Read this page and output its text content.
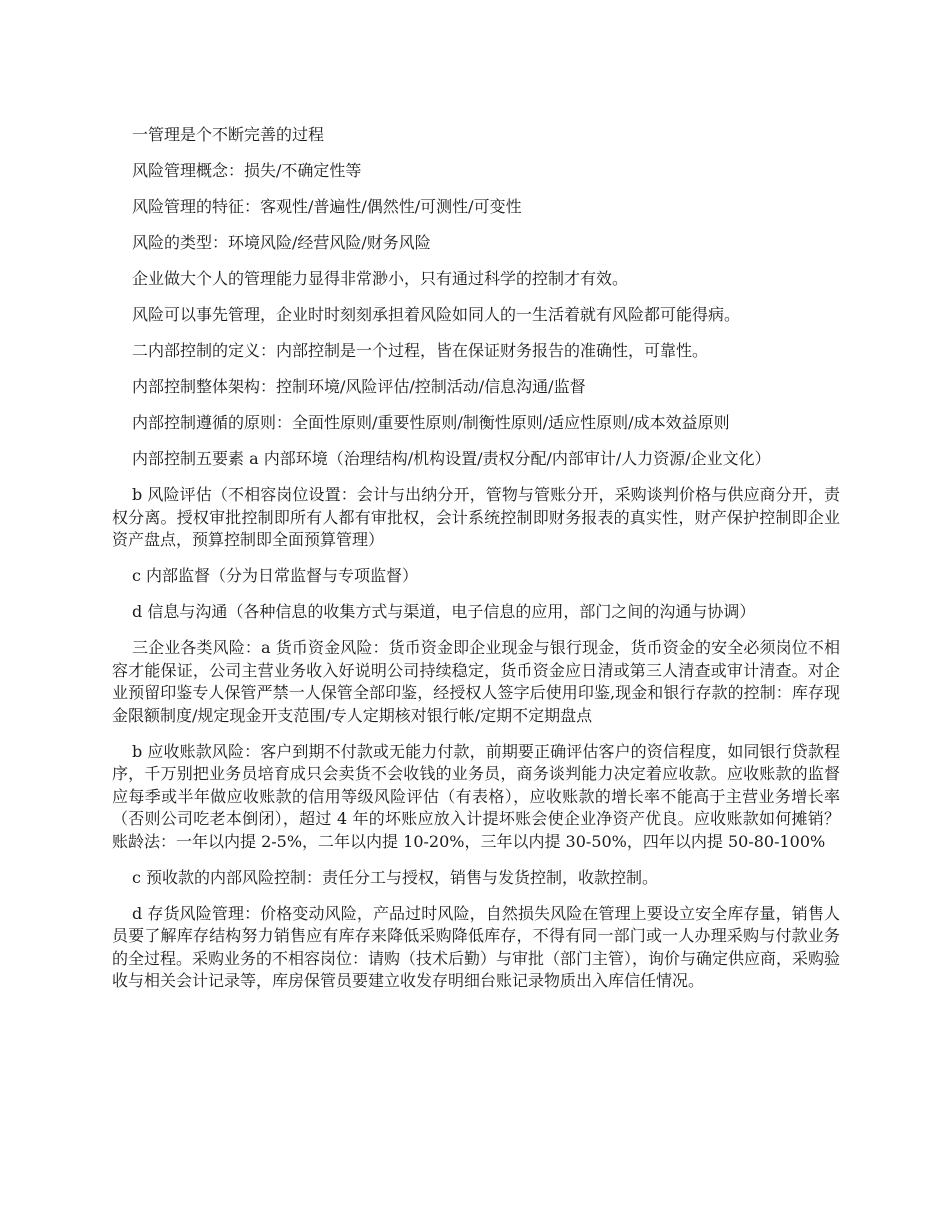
一管理是个不断完善的过程

风险管理概念：损失/不确定性等

风险管理的特征：客观性/普遍性/偶然性/可测性/可变性

风险的类型：环境风险/经营风险/财务风险

企业做大个人的管理能力显得非常渺小，只有通过科学的控制才有效。

风险可以事先管理，企业时时刻刻承担着风险如同人的一生活着就有风险都可能得病。

二内部控制的定义：内部控制是一个过程，皆在保证财务报告的准确性，可靠性。

内部控制整体架构：控制环境/风险评估/控制活动/信息沟通/监督

内部控制遵循的原则：全面性原则/重要性原则/制衡性原则/适应性原则/成本效益原则

内部控制五要素 a 内部环境（治理结构/机构设置/责权分配/内部审计/人力资源/企业文化）

b 风险评估（不相容岗位设置：会计与出纳分开，管物与管账分开，采购谈判价格与供应商分开，责权分离。授权审批控制即所有人都有审批权，会计系统控制即财务报表的真实性，财产保护控制即企业资产盘点，预算控制即全面预算管理）

c 内部监督（分为日常监督与专项监督）

d 信息与沟通（各种信息的收集方式与渠道，电子信息的应用，部门之间的沟通与协调）

三企业各类风险：a 货币资金风险：货币资金即企业现金与银行现金，货币资金的安全必须岗位不相容才能保证，公司主营业务收入好说明公司持续稳定，货币资金应日清或第三人清查或审计清查。对企业预留印鉴专人保管严禁一人保管全部印鉴，经授权人签字后使用印鉴,现金和银行存款的控制：库存现金限额制度/规定现金开支范围/专人定期核对银行帐/定期不定期盘点

b 应收账款风险：客户到期不付款或无能力付款，前期要正确评估客户的资信程度，如同银行贷款程序，千万别把业务员培育成只会卖货不会收钱的业务员，商务谈判能力决定着应收款。应收账款的监督应每季或半年做应收账款的信用等级风险评估（有表格），应收账款的增长率不能高于主营业务增长率（否则公司吃老本倒闭），超过 4 年的坏账应放入计提坏账会使企业净资产优良。应收账款如何摊销？账龄法：一年以内提 2-5%，二年以内提 10-20%，三年以内提 30-50%，四年以内提 50-80-100%

c 预收款的内部风险控制：责任分工与授权，销售与发货控制，收款控制。

d 存货风险管理：价格变动风险，产品过时风险，自然损失风险在管理上要设立安全库存量，销售人员要了解库存结构努力销售应有库存来降低采购降低库存，不得有同一部门或一人办理采购与付款业务的全过程。采购业务的不相容岗位：请购（技术后勤）与审批（部门主管），询价与确定供应商，采购验收与相关会计记录等，库房保管员要建立收发存明细台账记录物质出入库信任情况。
